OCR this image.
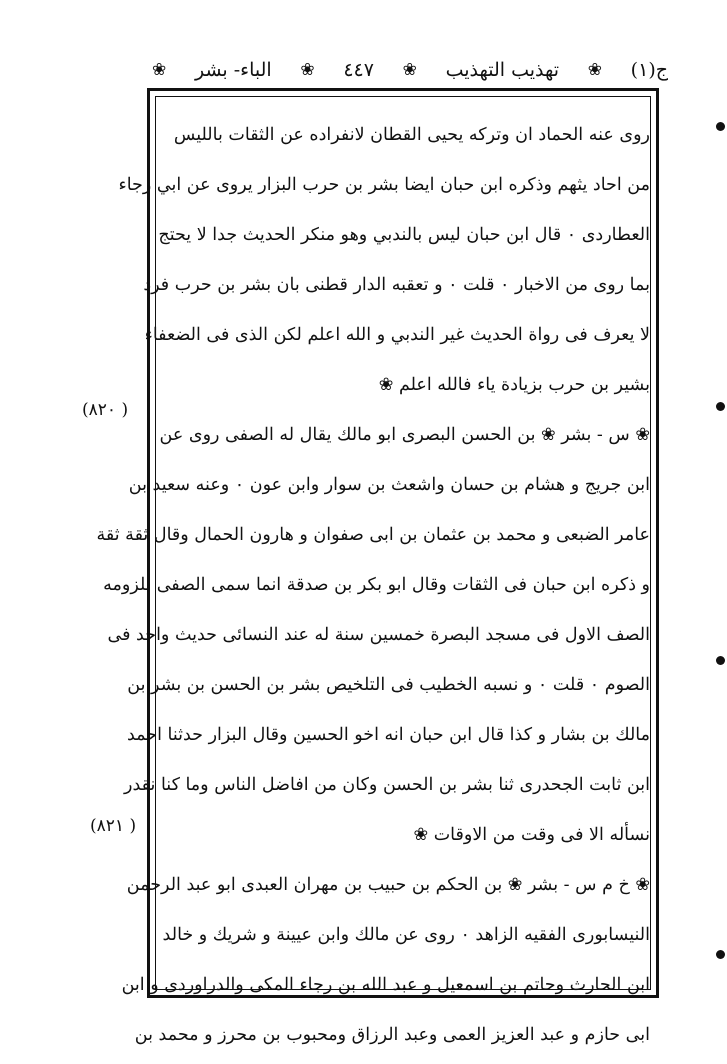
ج(١)
❀
تهذيب التهذيب
❀
٤٤٧
❀
الباء- بشر
❀
روى عنه الحماد ان وتركه يحيى القطان لانفراده عن الثقات بالليس
من احاد يثهم وذكره ابن حبان ايضا بشر بن حرب البزار يروى عن ابي رجاء
العطاردى ٠ قال ابن حبان ليس بالندبي وهو منكر الحديث جدا لا يحتج
بما روى من الاخبار ٠ قلت ٠ و تعقبه الدار قطنى بان بشر بن حرب فرد
لا يعرف فى رواة الحديث غير الندبي و الله اعلم لكن الذى فى الضعفاء
بشير بن حرب بزيادة ياء فالله اعلم ❀
❀ س - بشر ❀ بن الحسن البصرى ابو مالك يقال له الصفى روى عن
ابن جريج و هشام بن حسان واشعث بن سوار وابن عون ٠ وعنه سعيد بن
عامر الضبعى و محمد بن عثمان بن ابى صفوان و هارون الحمال وقال ثقة ثقة
و ذكره ابن حبان فى الثقات وقال ابو بكر بن صدقة انما سمى الصفى للزومه
الصف الاول فى مسجد البصرة خمسين سنة له عند النسائى حديث واحد فى
الصوم ٠ قلت ٠ و نسبه الخطيب فى التلخيص بشر بن الحسن بن بشر بن
مالك بن بشار و كذا قال ابن حبان انه اخو الحسين وقال البزار حدثنا احمد
ابن ثابت الجحدرى ثنا بشر بن الحسن وكان من افاضل الناس وما كنا نقدر
نسأله الا فى وقت من الاوقات ❀
❀ خ م س - بشر ❀ بن الحكم بن حبيب بن مهران العبدى ابو عبد الرحمن
النيسابورى الفقيه الزاهد ٠ روى عن مالك وابن عيينة و شريك و خالد
ابن الحارث وحاتم بن اسمعيل و عبد الله بن رجاء المكى والدراوردى و ابن
ابى حازم و عبد العزيز العمى وعبد الرزاق ومحبوب بن محرز و محمد بن
( ٨٢٠)
( ٨٢١)
